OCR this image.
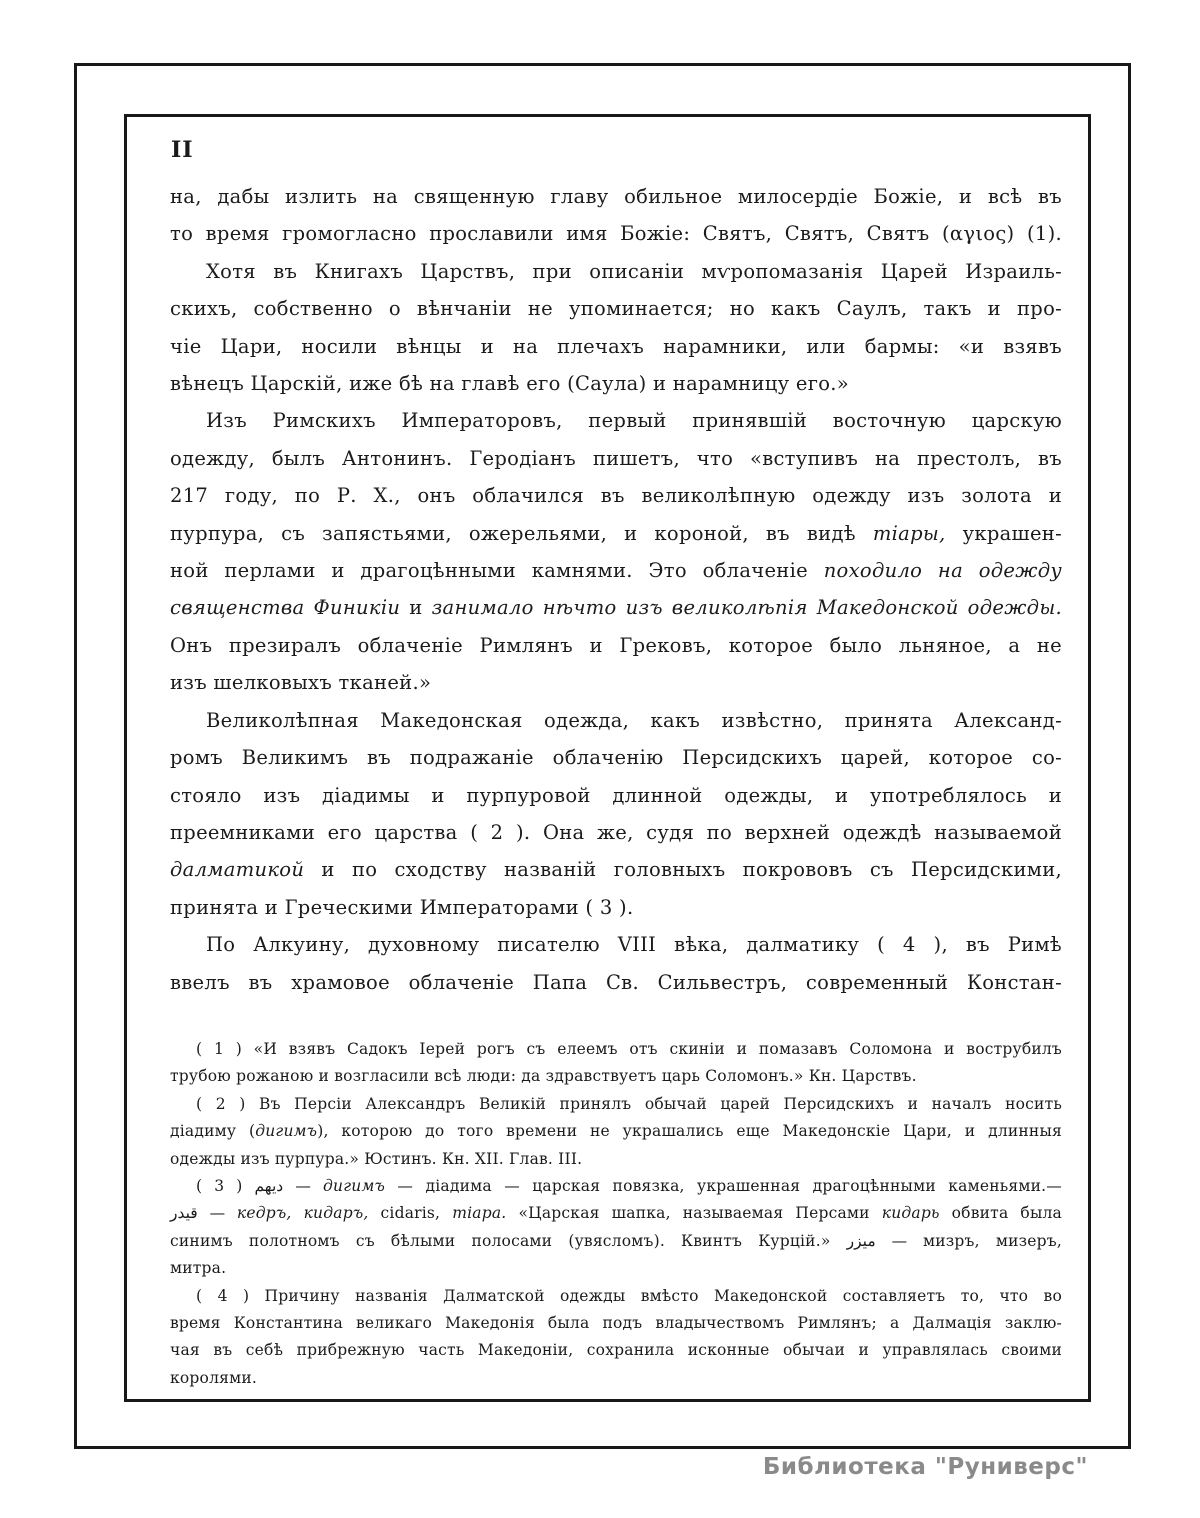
II
на, дабы излить на священную главу обильное милосердіе Божіе, и всѣ въ
то время громогласно прославили имя Божіе: Святъ, Святъ, Святъ (αγιος) (1).
Хотя въ Книгахъ Царствъ, при описаніи мѵропомазанія Царей Израиль-
скихъ, собственно о вѣнчаніи не упоминается; но какъ Саулъ, такъ и про-
чіе Цари, носили вѣнцы и на плечахъ нарамники, или бармы: «и взявъ
вѣнецъ Царскій, иже бѣ на главѣ его (Саула) и нарамницу его.»
Изъ Римскихъ Императоровъ, первый принявшій восточную царскую
одежду, былъ Антонинъ. Геродіанъ пишетъ, что «вступивъ на престолъ, въ
217 году, по Р. Х., онъ облачился въ великолѣпную одежду изъ золота и
пурпура, съ запястьями, ожерельями, и короной, въ видѣ тіары, украшен-
ной перлами и драгоцѣнными камнями. Это облаченіе походило на одежду
священства Финикіи и занимало нѣчто изъ великолѣпія Македонской одежды.
Онъ презиралъ облаченіе Римлянъ и Грековъ, которое было льняное, а не
изъ шелковыхъ тканей.»
Великолѣпная Македонская одежда, какъ извѣстно, принята Александ-
ромъ Великимъ въ подражаніе облаченію Персидскихъ царей, которое со-
стояло изъ діадимы и пурпуровой длинной одежды, и употреблялось и
преемниками его царства ( 2 ). Она же, судя по верхней одеждѣ называемой
далматикой и по сходству названій головныхъ покрововъ съ Персидскими,
принята и Греческими Императорами ( 3 ).
По Алкуину, духовному писателю VIII вѣка, далматику ( 4 ), въ Римѣ
ввелъ въ храмовое облаченіе Папа Св. Сильвестръ, современный Констан-
( 1 ) «И взявъ Садокъ Іерей рогъ съ елеемъ отъ скиніи и помазавъ Соломона и вострубилъ
трубою рожаною и возгласили всѣ люди: да здравствуетъ царь Соломонъ.» Кн. Царствъ.
( 2 ) Въ Персіи Александръ Великій принялъ обычай царей Персидскихъ и началъ носить
діадиму (дигимъ), которою до того времени не украшались еще Македонскіе Цари, и длинныя
одежды изъ пурпура.» Юстинъ. Кн. XII. Глав. III.
( 3 ) ديهم — дигимъ — діадима — царская повязка, украшенная драгоцѣнными каменьями.—
قيدر — кедръ, кидаръ, cidaris, тіара. «Царская шапка, называемая Персами кидарь обвита была
синимъ полотномъ съ бѣлыми полосами (увясломъ). Квинтъ Курцій.» ميزر — мизръ, мизеръ,
митра.
( 4 ) Причину названія Далматской одежды вмѣсто Македонской составляетъ то, что во
время Константина великаго Македонія была подъ владычествомъ Римлянъ; а Далмація заклю-
чая въ себѣ прибрежную часть Македоніи, сохранила исконные обычаи и управлялась своими
королями.
Библиотека "Руниверс"
